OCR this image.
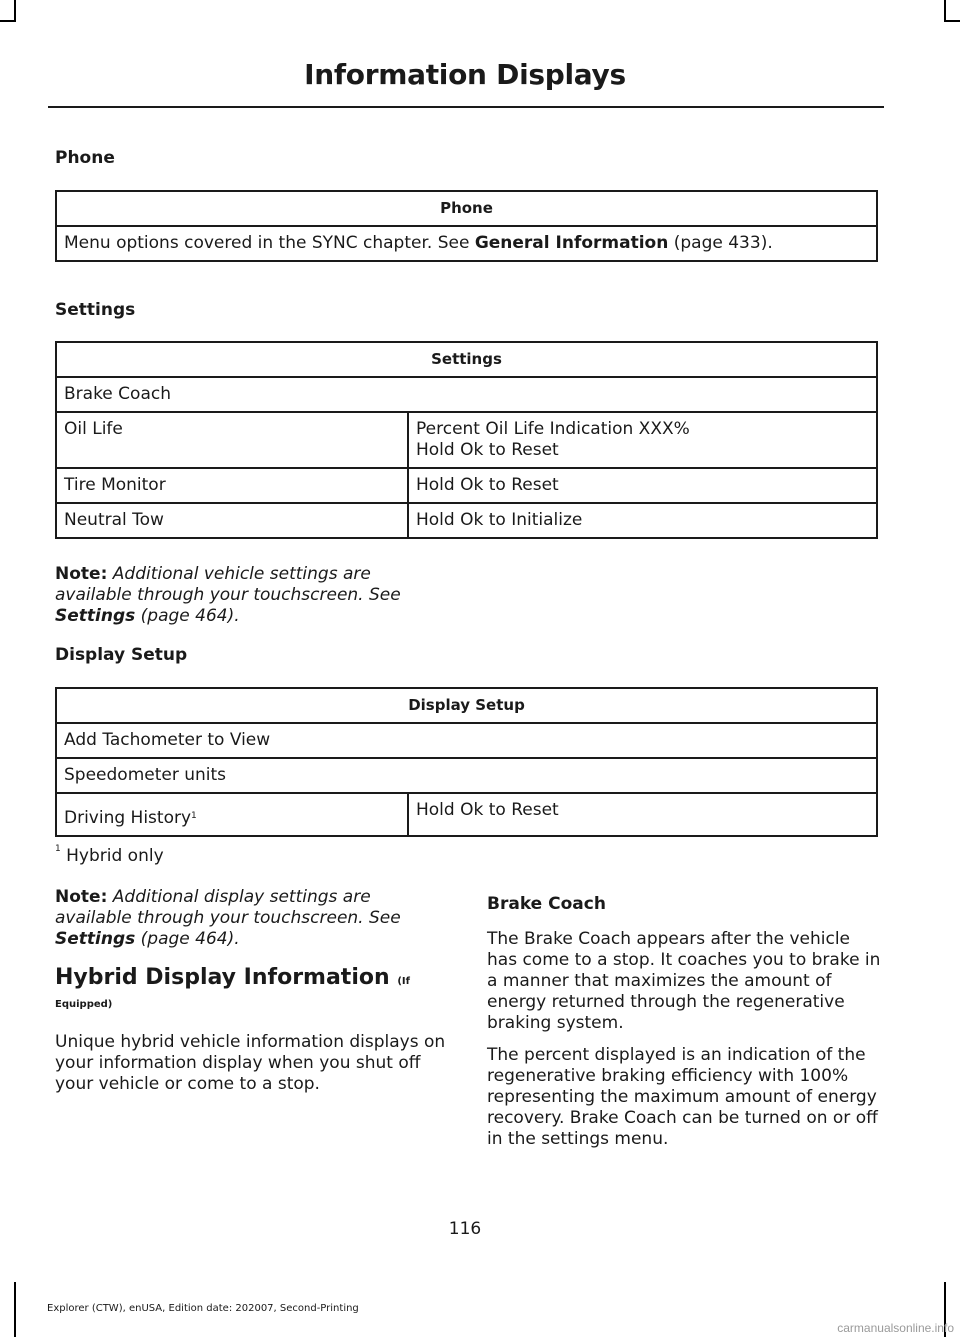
Information Displays
Phone
Phone
Menu options covered in the SYNC chapter. See General Information (page 433).
Settings
Settings	
Brake Coach	
Oil Life	Percent Oil Life Indication XXX%
Hold Ok to Reset

Tire Monitor	Hold Ok to Reset
Neutral Tow	Hold Ok to Initialize
Note: Additional vehicle settings are available through your touchscreen. See Settings (page 464).
Display Setup
Display Setup
Add Tachometer to View
Speedometer units
Driving History$^1$	Hold Ok to Reset
$^1$ Hybrid only
Note: Additional display settings are available through your touchscreen. See Settings (page 464).
Hybrid Display Information (If
Equipped)
Unique hybrid vehicle information displays on your information display when you shut off your vehicle or come to a stop.
Brake Coach
The Brake Coach appears after the vehicle has come to a stop. It coaches you to brake in a manner that maximizes the amount of energy returned through the regenerative braking system.
The percent displayed is an indication of the regenerative braking efficiency with 100% representing the maximum amount of energy recovery. Brake Coach can be turned on or off in the settings menu.
116
Explorer (CTW), enUSA, Edition date: 202007, Second-Printing
carmanualsonline.info
